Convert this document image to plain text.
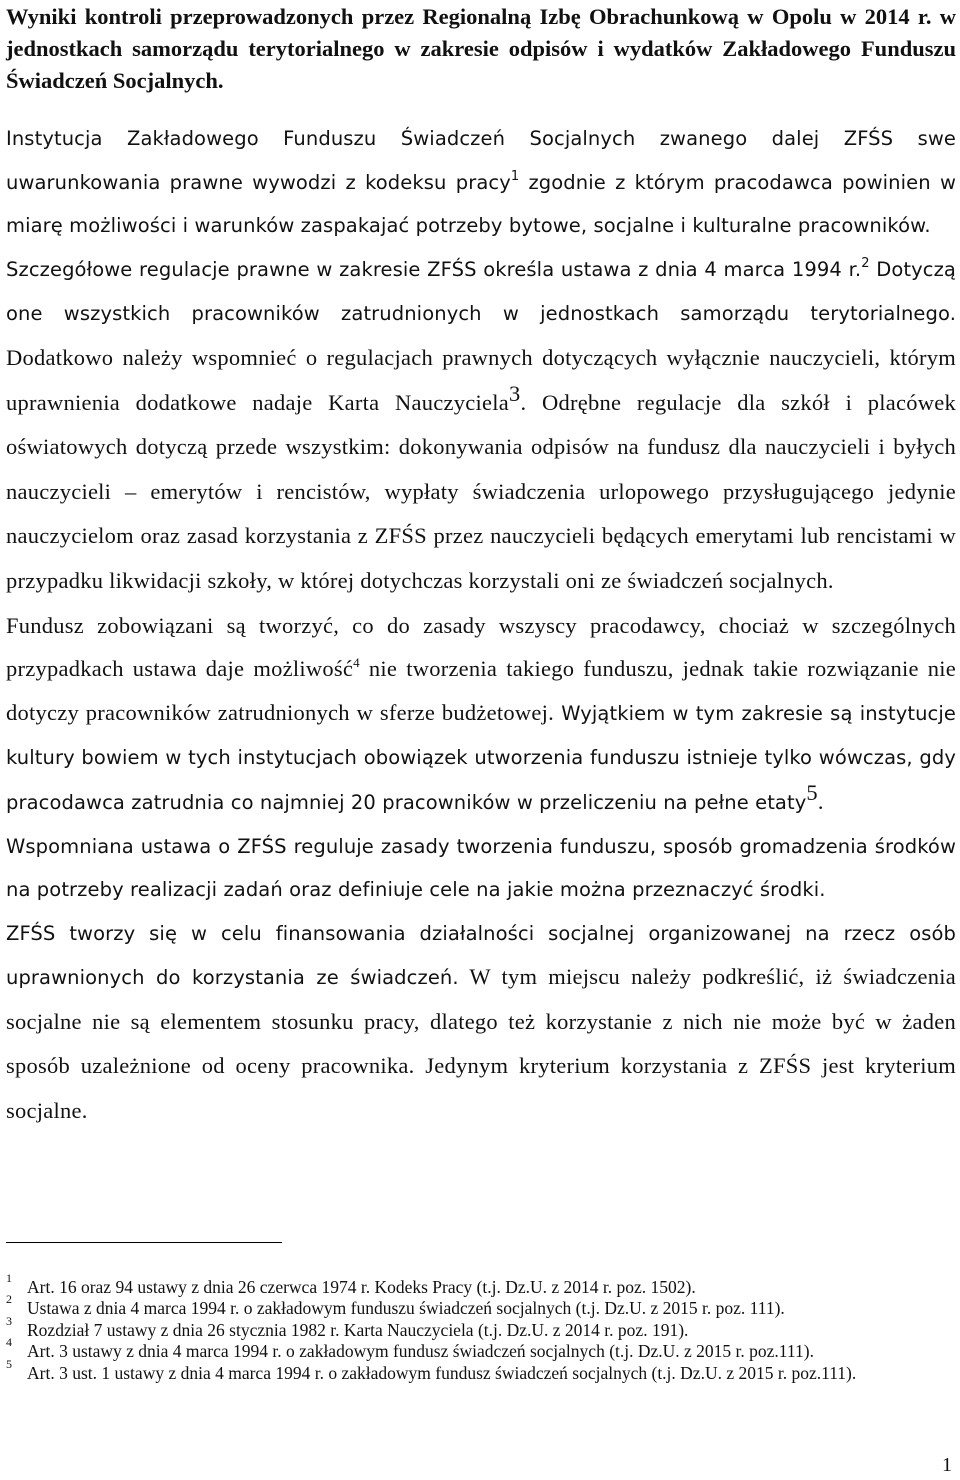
Wyniki kontroli przeprowadzonych przez Regionalną Izbę Obrachunkową w Opolu w 2014 r. w jednostkach samorządu terytorialnego w zakresie odpisów i wydatków Zakładowego Funduszu Świadczeń Socjalnych.

Instytucja Zakładowego Funduszu Świadczeń Socjalnych zwanego dalej ZFŚS swe uwarunkowania prawne wywodzi z kodeksu pracy$^1$ zgodnie z którym pracodawca powinien w miarę możliwości i warunków zaspakajać potrzeby bytowe, socjalne i kulturalne pracowników.

Szczegółowe regulacje prawne w zakresie ZFŚS określa ustawa z dnia 4 marca 1994 r.$^2$ Dotyczą one wszystkich pracowników zatrudnionych w jednostkach samorządu terytorialnego. Dodatkowo należy wspomnieć o regulacjach prawnych dotyczących wyłącznie nauczycieli, którym uprawnienia dodatkowe nadaje Karta Nauczyciela$^3$. Odrębne regulacje dla szkół i placówek oświatowych dotyczą przede wszystkim: dokonywania odpisów na fundusz dla nauczycieli i byłych nauczycieli – emerytów i rencistów, wypłaty świadczenia urlopowego przysługującego jedynie nauczycielom oraz zasad korzystania z ZFŚS przez nauczycieli będących emerytami lub rencistami w przypadku likwidacji szkoły, w której dotychczas korzystali oni ze świadczeń socjalnych.

Fundusz zobowiązani są tworzyć, co do zasady wszyscy pracodawcy, chociaż w szczególnych przypadkach ustawa daje możliwość$^4$ nie tworzenia takiego funduszu, jednak takie rozwiązanie nie dotyczy pracowników zatrudnionych w sferze budżetowej. Wyjątkiem w tym zakresie są instytucje kultury bowiem w tych instytucjach obowiązek utworzenia funduszu istnieje tylko wówczas, gdy pracodawca zatrudnia co najmniej 20 pracowników w przeliczeniu na pełne etaty$^5$.

Wspomniana ustawa o ZFŚS reguluje zasady tworzenia funduszu, sposób gromadzenia środków na potrzeby realizacji zadań oraz definiuje cele na jakie można przeznaczyć środki.

ZFŚS tworzy się w celu finansowania działalności socjalnej organizowanej na rzecz osób uprawnionych do korzystania ze świadczeń. W tym miejscu należy podkreślić, iż świadczenia socjalne nie są elementem stosunku pracy, dlatego też korzystanie z nich nie może być w żaden sposób uzależnione od oceny pracownika. Jedynym kryterium korzystania z ZFŚS jest kryterium socjalne.

1 Art. 16 oraz 94 ustawy z dnia 26 czerwca 1974 r. Kodeks Pracy (t.j. Dz.U. z 2014 r. poz. 1502).
2 Ustawa z dnia 4 marca 1994 r. o zakładowym funduszu świadczeń socjalnych (t.j. Dz.U. z 2015 r. poz. 111).
3 Rozdział 7 ustawy z dnia 26 stycznia 1982 r. Karta Nauczyciela (t.j. Dz.U. z 2014 r. poz. 191).
4 Art. 3 ustawy z dnia 4 marca 1994 r. o zakładowym fundusz świadczeń socjalnych (t.j. Dz.U. z 2015 r. poz.111).
5 Art. 3 ust. 1 ustawy z dnia 4 marca 1994 r. o zakładowym fundusz świadczeń socjalnych (t.j. Dz.U. z 2015 r. poz.111).
1
